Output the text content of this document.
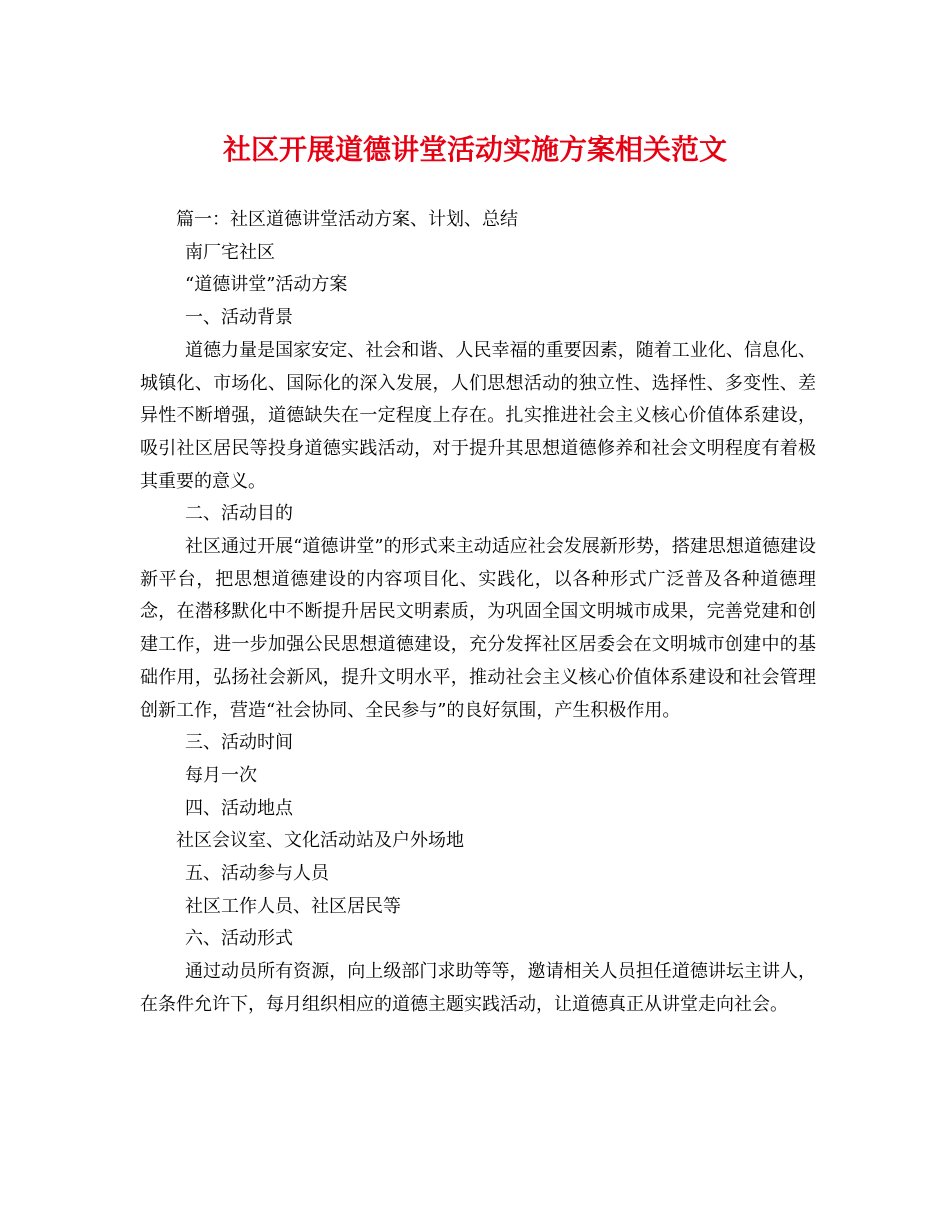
社区开展道德讲堂活动实施方案相关范文

篇一：社区道德讲堂活动方案、计划、总结

南厂宅社区

“道德讲堂”活动方案

一、活动背景

道德力量是国家安定、社会和谐、人民幸福的重要因素，随着工业化、信息化、城镇化、市场化、国际化的深入发展，人们思想活动的独立性、选择性、多变性、差异性不断增强，道德缺失在一定程度上存在。扎实推进社会主义核心价值体系建设，吸引社区居民等投身道德实践活动，对于提升其思想道德修养和社会文明程度有着极其重要的意义。

二、活动目的

社区通过开展“道德讲堂”的形式来主动适应社会发展新形势，搭建思想道德建设新平台，把思想道德建设的内容项目化、实践化，以各种形式广泛普及各种道德理念，在潜移默化中不断提升居民文明素质，为巩固全国文明城市成果，完善党建和创建工作，进一步加强公民思想道德建设，充分发挥社区居委会在文明城市创建中的基础作用，弘扬社会新风，提升文明水平，推动社会主义核心价值体系建设和社会管理创新工作，营造“社会协同、全民参与”的良好氛围，产生积极作用。

三、活动时间

每月一次

四、活动地点

社区会议室、文化活动站及户外场地

五、活动参与人员

社区工作人员、社区居民等

六、活动形式

通过动员所有资源，向上级部门求助等等，邀请相关人员担任道德讲坛主讲人，在条件允许下，每月组织相应的道德主题实践活动，让道德真正从讲堂走向社会。
